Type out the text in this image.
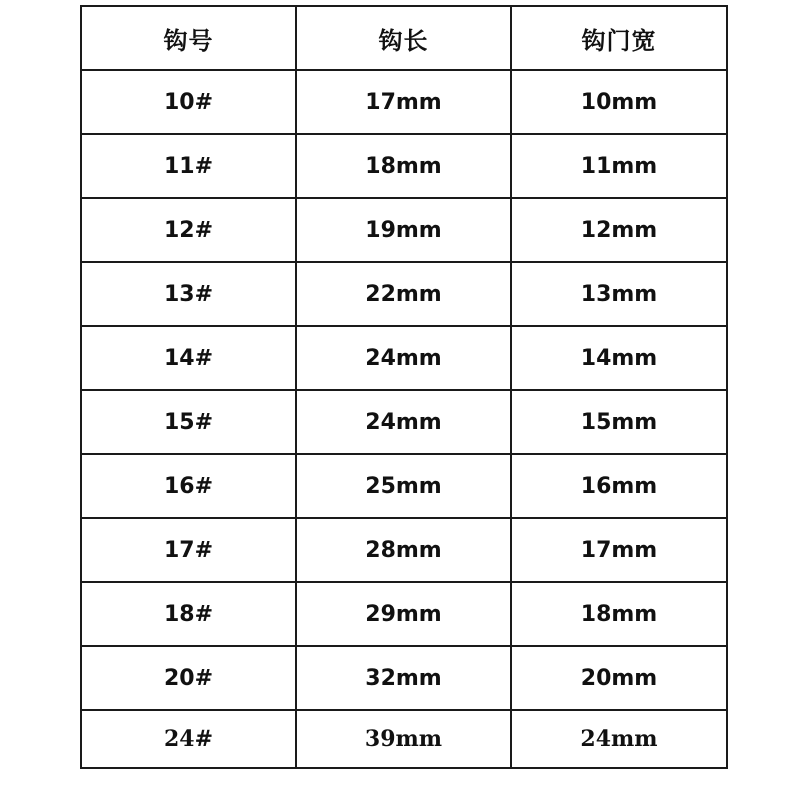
钩号	钩长	钩门宽
10#	17mm	10mm
11#	18mm	11mm
12#	19mm	12mm
13#	22mm	13mm
14#	24mm	14mm
15#	24mm	15mm
16#	25mm	16mm
17#	28mm	17mm
18#	29mm	18mm
20#	32mm	20mm
24#	39mm	24mm
